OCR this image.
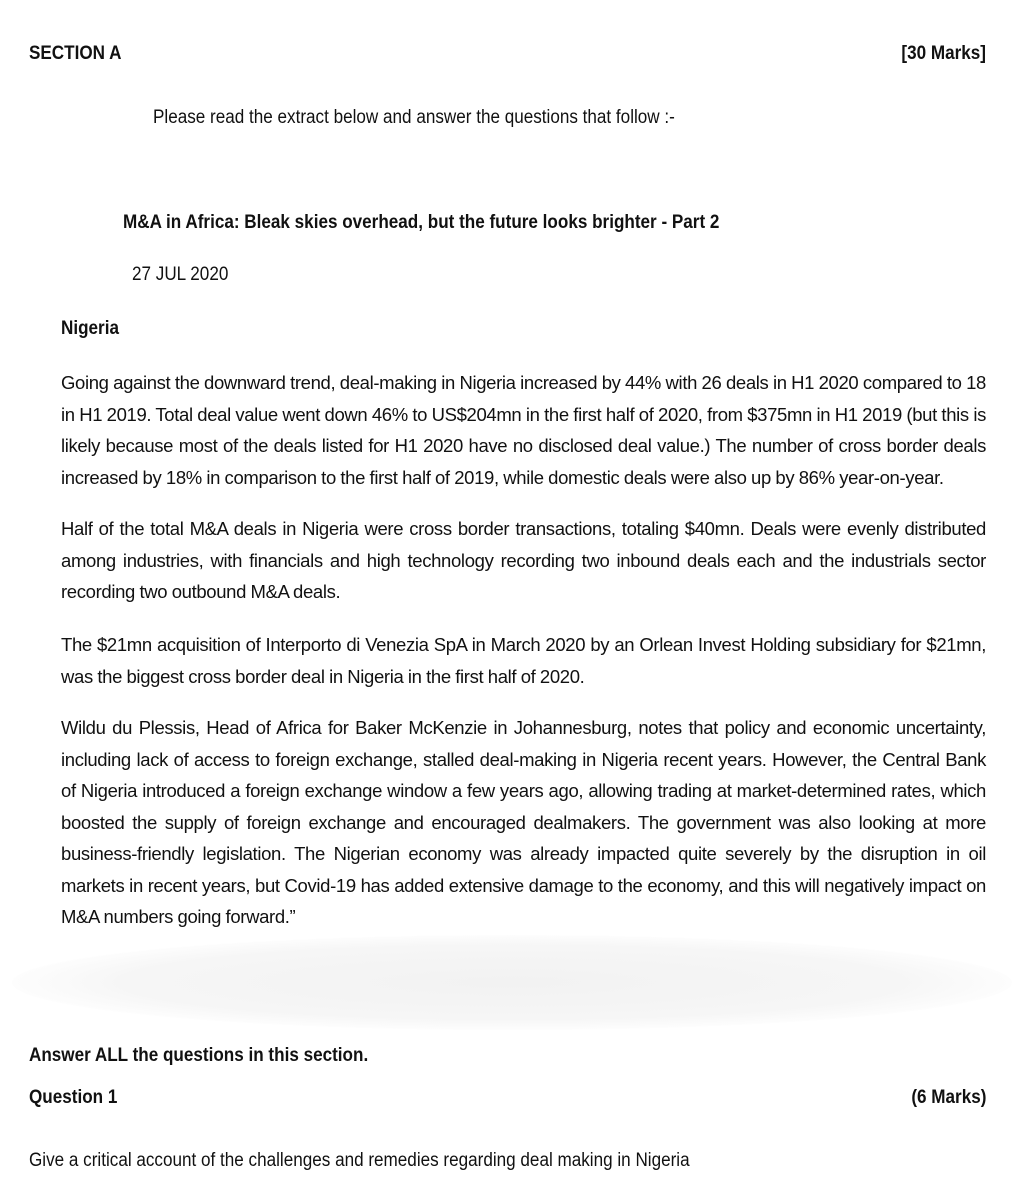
SECTION A	[30 Marks]
Please read the extract below and answer the questions that follow :-
M&A in Africa: Bleak skies overhead, but the future looks brighter - Part 2
27 JUL 2020
Nigeria

Going against the downward trend, deal-making in Nigeria increased by 44% with 26 deals in H1 2020 compared to 18 in H1 2019. Total deal value went down 46% to US$204mn in the first half of 2020, from $375mn in H1 2019 (but this is likely because most of the deals listed for H1 2020 have no disclosed deal value.) The number of cross border deals increased by 18% in comparison to the first half of 2019, while domestic deals were also up by 86% year-on-year.

Half of the total M&A deals in Nigeria were cross border transactions, totaling $40mn. Deals were evenly distributed among industries, with financials and high technology recording two inbound deals each and the industrials sector recording two outbound M&A deals.

The $21mn acquisition of Interporto di Venezia SpA in March 2020 by an Orlean Invest Holding subsidiary for $21mn, was the biggest cross border deal in Nigeria in the first half of 2020.

Wildu du Plessis, Head of Africa for Baker McKenzie in Johannesburg, notes that policy and economic uncertainty, including lack of access to foreign exchange, stalled deal-making in Nigeria recent years. However, the Central Bank of Nigeria introduced a foreign exchange window a few years ago, allowing trading at market-determined rates, which boosted the supply of foreign exchange and encouraged dealmakers. The government was also looking at more business-friendly legislation. The Nigerian economy was already impacted quite severely by the disruption in oil markets in recent years, but Covid-19 has added extensive damage to the economy, and this will negatively impact on M&A numbers going forward.”

Answer ALL the questions in this section.
Question 1	(6 Marks)
Give a critical account of the challenges and remedies regarding deal making in Nigeria
